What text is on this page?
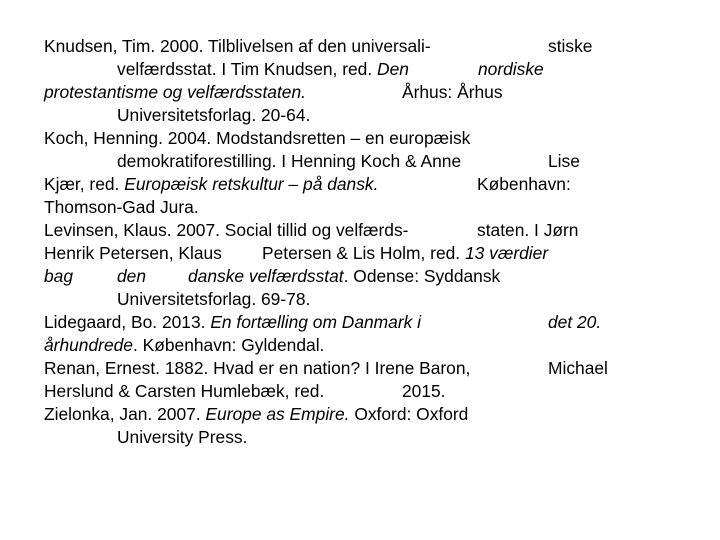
Knudsen, Tim. 2000. Tilblivelsen af den universali-	stiske
velfærdsstat. I Tim Knudsen, red. Den	nordiske
protestantisme og velfærdsstaten.	Århus: Århus
Universitetsforlag. 20-64.
Koch, Henning. 2004. Modstandsretten – en europæisk
demokratiforestilling. I Henning Koch & Anne	Lise
Kjær, red. Europæisk retskultur – på dansk.	København:
Thomson-Gad Jura.
Levinsen, Klaus. 2007. Social tillid og velfærds-	staten. I Jørn
Henrik Petersen, Klaus Petersen & Lis Holm, red. 13 værdier
bag	den danske velfærdsstat. Odense: Syddansk
Universitetsforlag. 69-78.
Lidegaard, Bo. 2013. En fortælling om Danmark i	det 20.
århundrede. København: Gyldendal.
Renan, Ernest. 1882. Hvad er en nation? I Irene Baron,	Michael
Herslund & Carsten Humlebæk, red.	2015.
Zielonka, Jan. 2007. Europe as Empire. Oxford: Oxford
University Press.
